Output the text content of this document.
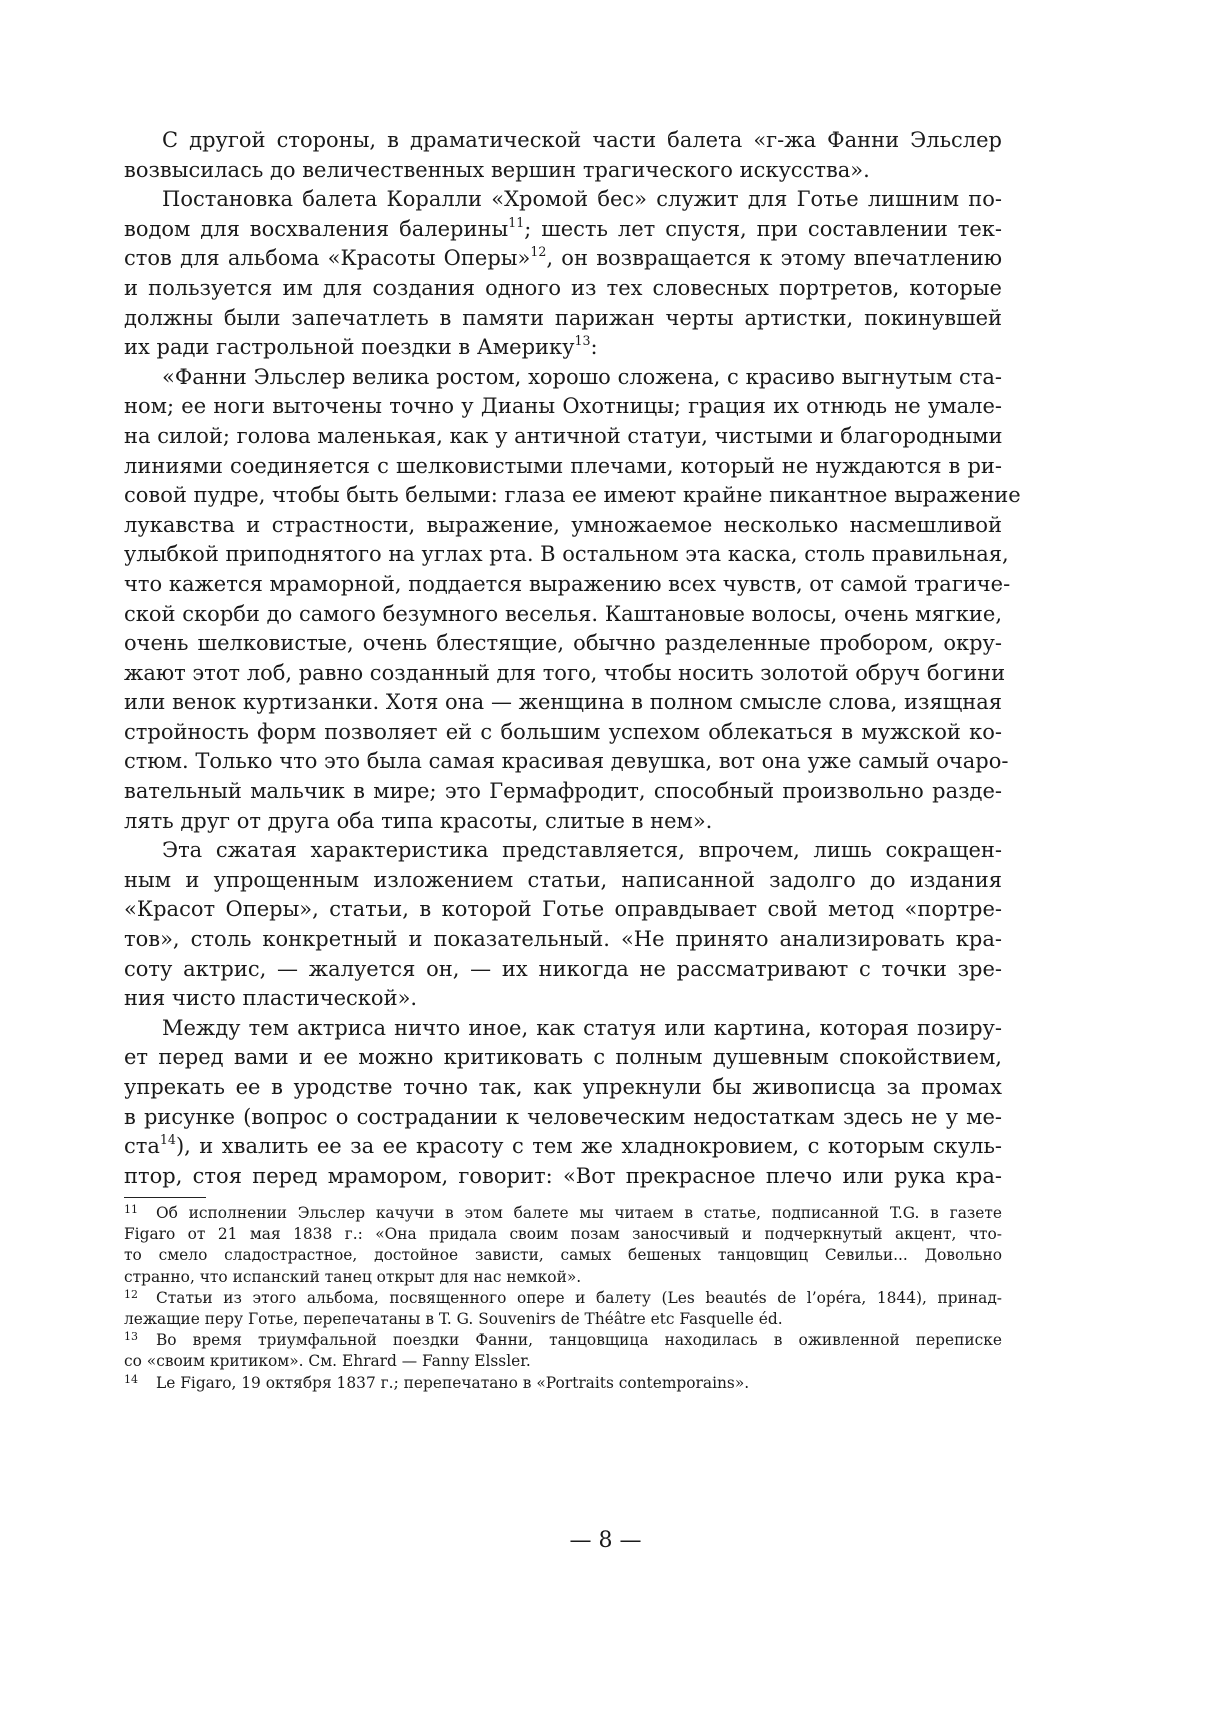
С другой стороны, в драматической части балета «г-жа Фанни Эльслер
возвысилась до величественных вершин трагического искусства».
Постановка балета Коралли «Хромой бес» служит для Готье лишним по-
водом для восхваления балерины$^{11}$; шесть лет спустя, при составлении тек-
стов для альбома «Красоты Оперы»$^{12}$, он возвращается к этому впечатлению
и пользуется им для создания одного из тех словесных портретов, которые
должны были запечатлеть в памяти парижан черты артистки, покинувшей
их ради гастрольной поездки в Америку$^{13}$:
«Фанни Эльслер велика ростом, хорошо сложена, с красиво выгнутым ста-
ном; ее ноги выточены точно у Дианы Охотницы; грация их отнюдь не умале-
на силой; голова маленькая, как у античной статуи, чистыми и благородными
линиями соединяется с шелковистыми плечами, который не нуждаются в ри-
совой пудре, чтобы быть белыми: глаза ее имеют крайне пикантное выражение
лукавства и страстности, выражение, умножаемое несколько насмешливой
улыбкой приподнятого на углах рта. В остальном эта каска, столь правильная,
что кажется мраморной, поддается выражению всех чувств, от самой трагиче-
ской скорби до самого безумного веселья. Каштановые волосы, очень мягкие,
очень шелковистые, очень блестящие, обычно разделенные пробором, окру-
жают этот лоб, равно созданный для того, чтобы носить золотой обруч богини
или венок куртизанки. Хотя она — женщина в полном смысле слова, изящная
стройность форм позволяет ей с большим успехом облекаться в мужской ко-
стюм. Только что это была самая красивая девушка, вот она уже самый очаро-
вательный мальчик в мире; это Гермафродит, способный произвольно разде-
лять друг от друга оба типа красоты, слитые в нем».
Эта сжатая характеристика представляется, впрочем, лишь сокращен-
ным и упрощенным изложением статьи, написанной задолго до издания
«Красот Оперы», статьи, в которой Готье оправдывает свой метод «портре-
тов», столь конкретный и показательный. «Не принято анализировать кра-
соту актрис, — жалуется он, — их никогда не рассматривают с точки зре-
ния чисто пластической».
Между тем актриса ничто иное, как статуя или картина, которая позиру-
ет перед вами и ее можно критиковать с полным душевным спокойствием,
упрекать ее в уродстве точно так, как упрекнули бы живописца за промах
в рисунке (вопрос о сострадании к человеческим недостаткам здесь не у ме-
ста$^{14}$), и хвалить ее за ее красоту с тем же хладнокровием, с которым скуль-
птор, стоя перед мрамором, говорит: «Вот прекрасное плечо или рука кра-
11 Об исполнении Эльслер качучи в этом балете мы читаем в статье, подписанной T.G. в газете
Figaro от 21 мая 1838 г.: «Она придала своим позам заносчивый и подчеркнутый акцент, что-
то смело сладострастное, достойное зависти, самых бешеных танцовщиц Севильи... Довольно
странно, что испанский танец открыт для нас немкой».
12 Статьи из этого альбома, посвященного опере и балету (Les beautés de l’opéra, 1844), принад-
лежащие перу Готье, перепечатаны в T. G. Souvenirs de Théâtre etc Fasquelle éd.
13 Во время триумфальной поездки Фанни, танцовщица находилась в оживленной переписке
со «своим критиком». См. Ehrard — Fanny Elssler.
14 Le Figaro, 19 октября 1837 г.; перепечатано в «Portraits contemporains».
— 8 —
